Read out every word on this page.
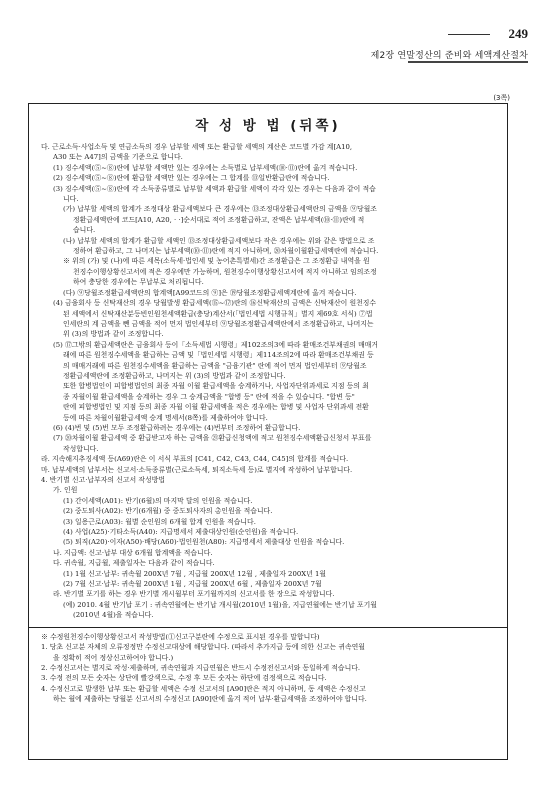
249
제2장 연말정산의 준비와 세액계산절차
(3쪽)
작 성 방 법 (뒤쪽)
다. 근로소득·사업소득 및 연금소득의 경우 납부할 세액 또는 환급할 세액의 계산은 코드별 가감 계[A10,
A30 또는 A47]의 금액을 기준으로 합니다.
(1) 징수세액(⑤~⑧)란에 납부할 세액만 있는 경우에는 소득별로 납부세액(⑩·⑪)란에 옮겨 적습니다.
(2) 징수세액(⑤~⑧)란에 환급할 세액만 있는 경우에는 그 합계를 ⑬일반환급란에 적습니다.
(3) 징수세액(⑤~⑧)란에 각 소득종류별로 납부할 세액과 환급할 세액이 각각 있는 경우는 다음과 같이 적습
니다.
(가) 납부할 세액의 합계가 조정대상 환급세액보다 큰 경우에는 ⑬조정대상환급세액란의 금액을 ⑨당월조
정환급세액란에 코드[A10, A20, · ·]순서대로 적어 조정환급하고, 잔액은 납부세액(⑩·⑪)란에 적
습니다.
(나) 납부할 세액의 합계가 환급할 세액인 ⑬조정대상환급세액보다 작은 경우에는 위와 같은 방법으로 조
정하여 환급하고, 그 나머지는 납부세액(⑩·⑪)란에 적지 아니하며, ⑳차월이월환급세액란에 적습니다.
※ 위의 (가) 및 (나)에 따른 세목(소득세·법인세 및 농어촌특별세)간 조정환급은 그 조정환급 내역을 원
천징수이행상황신고서에 적은 경우에만 가능하며, 원천징수이행상황신고서에 적지 아니하고 임의조정
하여 충당한 경우에는 무납부로 처리됩니다.
(다) ⑨당월조정환급세액란의 합계액[A99코드의 ⑨]은 ⑲당월조정환급세액계란에 옮겨 적습니다.
(4) 금융회사 등 신탁재산의 경우 당월발생 환급세액(⑮~⑰)란의 ⑯신탁재산의 금액은 신탁재산이 원천징수
된 세액에서 신탁재산분등빈인원천세액환급(충당)계산서(「법인세법 시행규칙」별지 제69호 서식) ⑦법
인세란의 계 금액을 뺀 금액을 적어 먼저 법인세부터 ⑨당월조정환급세액란에서 조정환급하고, 나머지는
위 (3)의 방법과 같이 조정합니다.
(5) ⑰그밖의 환급세액란은 금융회사 등이「소득세법 시행령」제102조의3에 따라 환매조건부채권의 매매거
래에 따른 원천징수세액을 환급하는 금액 및「법인세법 시행령」제114조의2에 따라 환매조건부채권 등
의 매매거래에 따른 원천징수세액을 환급하는 금액을 "금융기관" 란에 적어 먼저 법인세부터 ⑨당월조
정환급세액란에 조정환급하고, 나머지는 위 (3)의 방법과 같이 조정합니다.
또한 합병법인이 피합병법인의 최종 자월 이월 환급세액을 승계하거나, 사업자단위과세로 지점 등의 최
종 자월이월 환급세액을 승계하는 경우 그 승계금액을 "합병 등" 란에 적을 수 있습니다. "합변 등"
란에 피합병법인 및 지점 등의 최종 자월 이월 환급세액을 적은 경우에는 합병 및 사업자 단위과세 전환
등에 따른 차월이월환급세액 승계 명세서(8쪽)를 제출하여야 합니다.
(6) (4)번 및 (5)번 모두 조정환급하려는 경우에는 (4)번부터 조정하여 환급합니다.
(7) ⑳차월이월 환급세액 중 환급받고자 하는 금액을 ㉑환급신청액에 적고 원천징수세액환급신청서 부표를
작성합니다.
라. 지속해지추징세액 등(A69)란은 이 서식 부표의 [C41, C42, C43, C44, C45]의 합계를 적습니다.
마. 납부세액의 납부서는 신고서·소득종류별(근로소득세, 퇴직소득세 등)로 별지에 작성하여 납부합니다.
4. 반기별 신고·납부자의 신고서 작성방법
가. 인원
(1) 간이세액(A01): 반기(6월)의 마지막 달의 인원을 적습니다.
(2) 중도퇴사(A02): 반기(6개월) 중 중도퇴사자의 총인원을 적습니다.
(3) 일용근로(A03): 월별 순인원의 6개월 합계 인원을 적습니다.
(4) 사업(A25)·기타소득(A40): 지급명세서 제출대상인원(순인원)을 적습니다.
(5) 퇴직(A20)·이자(A50)·배당(A60)·법인원천(A80): 지급명세서 제출대상 인원을 적습니다.
나. 지급액: 신고·납부 대상 6개월 합계액을 적습니다.
다. 귀속월, 지급월, 제출일자는 다음과 같이 적습니다.
(1) 1월 신고·납부: 귀속월 200X년 7월 , 지급월 200X년 12월 , 제출일자 200X년 1월
(2) 7월 신고·납부: 귀속월 200X년 1월 , 지급월 200X년 6월 , 제출일자 200X년 7월
라. 반기별 포기를 하는 경우 반기별 개시월부터 포기월까지의 신고서를 한 장으로 작성합니다.
(예) 2010. 4월 반기납 포기 : 귀속연월에는 반기납 개시월(2010년 1월)을, 지급연월에는 반기납 포기월
(2010년 4월)을 적습니다.
※ 수정원천징수이행상황신고서 작성방법(①신고구분란에 수정으로 표시된 경우를 말합니다)
1. 당초 신고분 자체의 오류정정만 수정신고대상에 해당합니다. (따라서 추가지급 등에 의한 신고는 귀속연월
을 정확히 적어 정상신고하여야 합니다.)
2. 수정신고서는 별지로 작성·제출하며, 귀속연월과 지급연월은 반드시 수정전신고서와 동일하게 적습니다.
3. 수정 전의 모든 숫자는 상단에 빨강색으로, 수정 후 모든 숫자는 하단에 검정색으로 적습니다.
4. 수정신고로 발생한 납부 또는 환급할 세액은 수정 신고서의 [A90]란은 적지 아니하며, 동 세액은 수정신고
하는 월에 제출하는 당월분 신고서의 수정신고 [A90]란에 옮겨 적어 납부·환급세액을 조정하여야 합니다.
